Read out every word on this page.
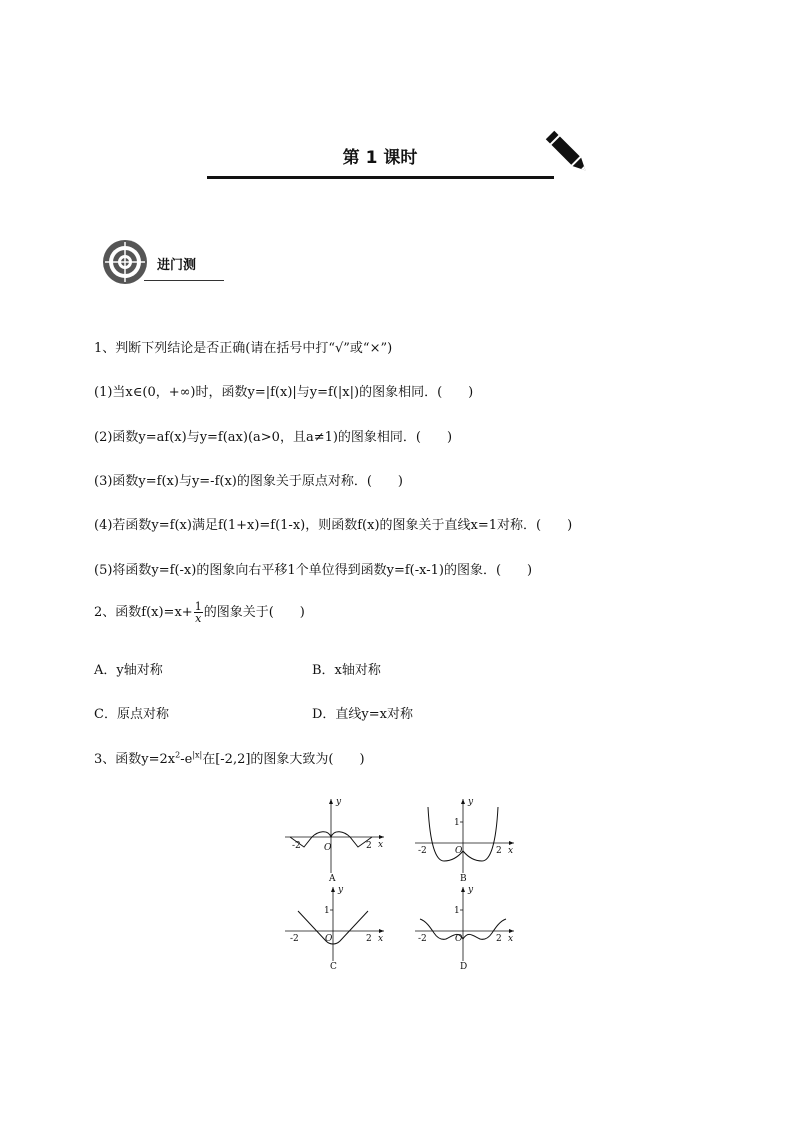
第 1 课时
进门测
1、判断下列结论是否正确(请在括号中打“√”或“×”)
(1)当x∈(0，+∞)时，函数y=|f(x)|与y=f(|x|)的图象相同．(　　)
(2)函数y=af(x)与y=f(ax)(a>0，且a≠1)的图象相同．(　　)
(3)函数y=f(x)与y=-f(x)的图象关于原点对称．(　　)
(4)若函数y=f(x)满足f(1+x)=f(1-x)，则函数f(x)的图象关于直线x=1对称．(　　)
(5)将函数y=f(-x)的图象向右平移1个单位得到函数y=f(-x-1)的图象．(　　)
2、函数$f(x)=x+ \frac{1}{x}$ 的图象关于(　　)
A．y轴对称	B．x轴对称
C．原点对称	D．直线y=x对称
3、函数$y=2x^2-e^{|x|}$在[-2,2]的图象大致为(　　)
y
x
O
-2	2
A
y
x
O
1
-2	2
B
y
x
O
1
-2	2
C
y
x
O
1
-2	2
D
